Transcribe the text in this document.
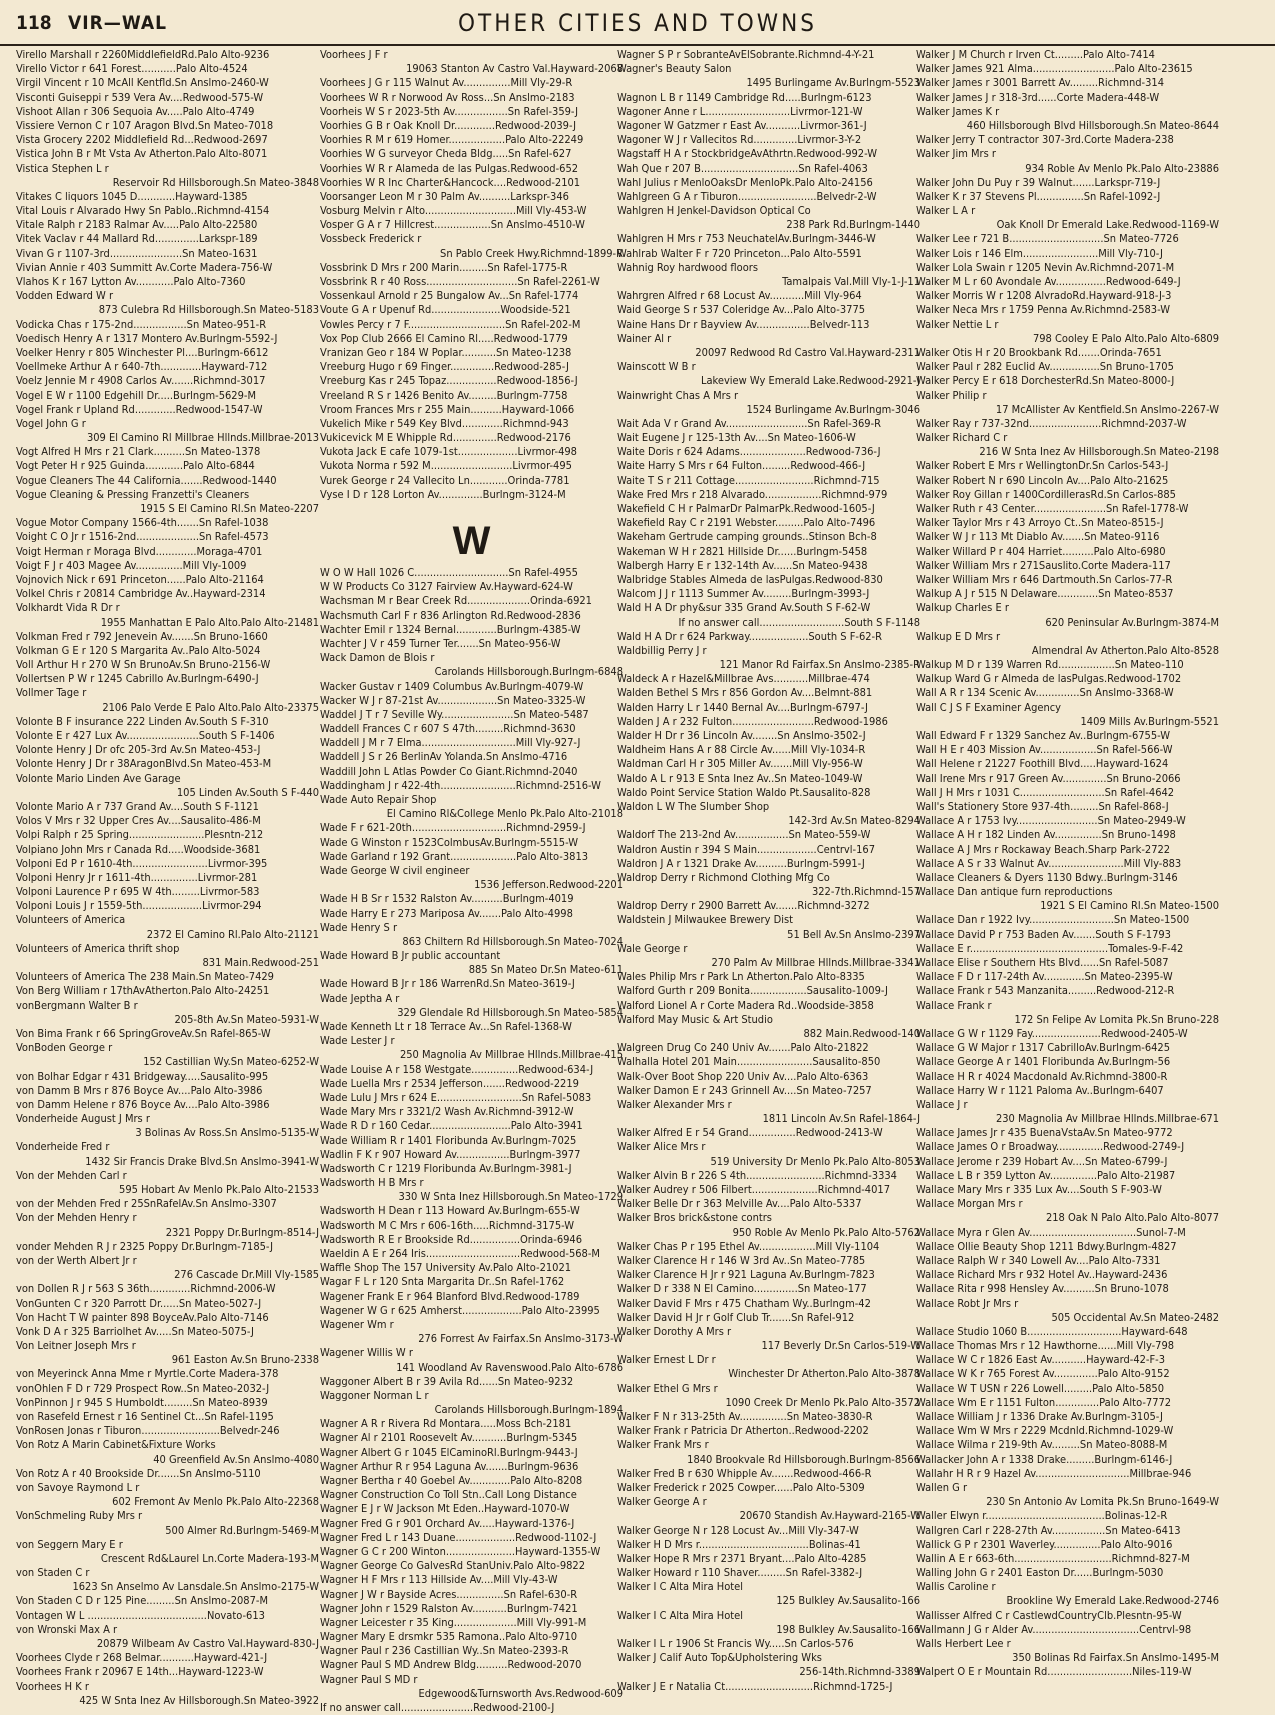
118 VIR—WAL	OTHER CITIES AND TOWNS
Virello Marshall r 2260MiddlefieldRd.Palo Alto-9236
Virello Victor r 641 Forest...........Palo Alto-4524
Virgil Vincent r 10 McAll Kentfld.Sn Anslmo-2460-W
Visconti Guiseppi r 539 Vera Av....Redwood-575-W
Vishoot Allan r 306 Sequoia Av.....Palo Alto-4749
Vissiere Vernon C r 107 Aragon Blvd.Sn Mateo-7018
Vista Grocery 2202 Middlefield Rd...Redwood-2697
Vistica John B r Mt Vsta Av Atherton.Palo Alto-8071
Vistica Stephen L r
Reservoir Rd Hillsborough.Sn Mateo-3848
Vitakes C liquors 1045 D............Hayward-1385
Vital Louis r Alvarado Hwy Sn Pablo..Richmnd-4154
Vitale Ralph r 2183 Ralmar Av.....Palo Alto-22580
Vitek Vaclav r 44 Mallard Rd..............Larkspr-189
Vivan G r 1107-3rd.......................Sn Mateo-1631
Vivian Annie r 403 Summitt Av.Corte Madera-756-W
Vlahos K r 167 Lytton Av............Palo Alto-7360
Vodden Edward W r
873 Culebra Rd Hillsborough.Sn Mateo-5183
Vodicka Chas r 175-2nd.................Sn Mateo-951-R
Voedisch Henry A r 1317 Montero Av.Burlngm-5592-J
Voelker Henry r 805 Winchester Pl....Burlngm-6612
Voellmeke Arthur A r 640-7th.............Hayward-712
Voelz Jennie M r 4908 Carlos Av.......Richmnd-3017
Vogel E W r 1100 Edgehill Dr.....Burlngm-5629-M
Vogel Frank r Upland Rd.............Redwood-1547-W
Vogel John G r
309 El Camino Rl Millbrae Hllnds.Millbrae-2013
Vogt Alfred H Mrs r 21 Clark..........Sn Mateo-1378
Vogt Peter H r 925 Guinda............Palo Alto-6844
Vogue Cleaners The 44 California.......Redwood-1440
Vogue Cleaning & Pressing Franzetti's Cleaners
1915 S El Camino Rl.Sn Mateo-2207
Vogue Motor Company 1566-4th.......Sn Rafel-1038
Voight C O Jr r 1516-2nd....................Sn Rafel-4573
Voigt Herman r Moraga Blvd.............Moraga-4701
Voigt F J r 403 Magee Av...............Mill Vly-1009
Vojnovich Nick r 691 Princeton......Palo Alto-21164
Volkel Chris r 20814 Cambridge Av..Hayward-2314
Volkhardt Vida R Dr r
1955 Manhattan E Palo Alto.Palo Alto-21481
Volkman Fred r 792 Jenevein Av.......Sn Bruno-1660
Volkman G E r 120 S Margarita Av..Palo Alto-5024
Voll Arthur H r 270 W Sn BrunoAv.Sn Bruno-2156-W
Vollertsen P W r 1245 Cabrillo Av.Burlngm-6490-J
Vollmer Tage r
2106 Palo Verde E Palo Alto.Palo Alto-23375
Volonte B F insurance 222 Linden Av.South S F-310
Volonte E r 427 Lux Av.......................South S F-1406
Volonte Henry J Dr ofc 205-3rd Av.Sn Mateo-453-J
Volonte Henry J Dr r 38AragonBlvd.Sn Mateo-453-M
Volonte Mario Linden Ave Garage
105 Linden Av.South S F-440
Volonte Mario A r 737 Grand Av....South S F-1121
Volos V Mrs r 32 Upper Cres Av....Sausalito-486-M
Volpi Ralph r 25 Spring........................Plesntn-212
Volpiano John Mrs r Canada Rd.....Woodside-3681
Volponi Ed P r 1610-4th........................Livrmor-395
Volponi Henry Jr r 1611-4th...............Livrmor-281
Volponi Laurence P r 695 W 4th.........Livrmor-583
Volponi Louis J r 1559-5th...................Livrmor-294
Volunteers of America
2372 El Camino Rl.Palo Alto-21121
Volunteers of America thrift shop
831 Main.Redwood-251
Volunteers of America The 238 Main.Sn Mateo-7429
Von Berg William r 17thAvAtherton.Palo Alto-24251
vonBergmann Walter B r
205-8th Av.Sn Mateo-5931-W
Von Bima Frank r 66 SpringGroveAv.Sn Rafel-865-W
VonBoden George r
152 Castillian Wy.Sn Mateo-6252-W
von Bolhar Edgar r 431 Bridgeway.....Sausalito-995
von Damm B Mrs r 876 Boyce Av....Palo Alto-3986
von Damm Helene r 876 Boyce Av....Palo Alto-3986
Vonderheide August J Mrs r
3 Bolinas Av Ross.Sn Anslmo-5135-W
Vonderheide Fred r
1432 Sir Francis Drake Blvd.Sn Anslmo-3941-W
Von der Mehden Carl r
595 Hobart Av Menlo Pk.Palo Alto-21533
von der Mehden Fred r 25SnRafelAv.Sn Anslmo-3307
Von der Mehden Henry r
2321 Poppy Dr.Burlngm-8514-J
vonder Mehden R J r 2325 Poppy Dr.Burlngm-7185-J
von der Werth Albert Jr r
276 Cascade Dr.Mill Vly-1585
von Dollen R J r 563 S 36th.............Richmnd-2006-W
VonGunten C r 320 Parrott Dr......Sn Mateo-5027-J
Von Hacht T W painter 898 BoyceAv.Palo Alto-7146
Vonk D A r 325 Barriolhet Av.....Sn Mateo-5075-J
Von Leitner Joseph Mrs r
961 Easton Av.Sn Bruno-2338
von Meyerinck Anna Mme r Myrtle.Corte Madera-378
vonOhlen F D r 729 Prospect Row..Sn Mateo-2032-J
VonPinnon J r 945 S Humboldt.........Sn Mateo-8939
von Rasefeld Ernest r 16 Sentinel Ct...Sn Rafel-1195
VonRosen Jonas r Tiburon.........................Belvedr-246
Von Rotz A Marin Cabinet&Fixture Works
40 Greenfield Av.Sn Anslmo-4080
Von Rotz A r 40 Brookside Dr.......Sn Anslmo-5110
von Savoye Raymond L r
602 Fremont Av Menlo Pk.Palo Alto-22368
VonSchmeling Ruby Mrs r
500 Almer Rd.Burlngm-5469-M
von Seggern Mary E r
Crescent Rd&Laurel Ln.Corte Madera-193-M
von Staden C r
1623 Sn Anselmo Av Lansdale.Sn Anslmo-2175-W
Von Staden C D r 125 Pine.........Sn Anslmo-2087-M
Vontagen W L ......................................Novato-613
von Wronski Max A r
20879 Wilbeam Av Castro Val.Hayward-830-J
Voorhees Clyde r 268 Belmar...........Hayward-421-J
Voorhees Frank r 20967 E 14th...Hayward-1223-W
Voorhees H K r
425 W Snta Inez Av Hillsborough.Sn Mateo-3922
Voorhees J F r
19063 Stanton Av Castro Val.Hayward-2068
Voorhees J G r 115 Walnut Av...............Mill Vly-29-R
Voorhees W R r Norwood Av Ross...Sn Anslmo-2183
Voorheis W S r 2023-5th Av.................Sn Rafel-359-J
Voorhies G B r Oak Knoll Dr.............Redwood-2039-J
Voorhies R M r 619 Homer..................Palo Alto-22249
Voorhies W G surveyor Cheda Bldg.....Sn Rafel-627
Voorhies W R r Alameda de las Pulgas.Redwood-652
Voorhies W R Inc Charter&Hancock....Redwood-2101
Voorsanger Leon M r 30 Palm Av..........Larkspr-346
Vosburg Melvin r Alto.............................Mill Vly-453-W
Vosper G A r 7 Hillcrest..................Sn Anslmo-4510-W
Vossbeck Frederick r
Sn Pablo Creek Hwy.Richmnd-1899-R
Vossbrink D Mrs r 200 Marin.........Sn Rafel-1775-R
Vossbrink R r 40 Ross.............................Sn Rafel-2261-W
Vossenkaul Arnold r 25 Bungalow Av...Sn Rafel-1774
Voute G A r Upenuf Rd......................Woodside-521
Vowles Percy r 7 F...............................Sn Rafel-202-M
Vox Pop Club 2666 El Camino Rl.....Redwood-1779
Vranizan Geo r 184 W Poplar...........Sn Mateo-1238
Vreeburg Hugo r 69 Finger..............Redwood-285-J
Vreeburg Kas r 245 Topaz................Redwood-1856-J
Vreeland R S r 1426 Benito Av.........Burlngm-7758
Vroom Frances Mrs r 255 Main..........Hayward-1066
Vukelich Mike r 549 Key Blvd.............Richmnd-943
Vukicevick M E Whipple Rd..............Redwood-2176
Vukota Jack E cafe 1079-1st...................Livrmor-498
Vukota Norma r 592 M..........................Livrmor-495
Vurek George r 24 Vallecito Ln............Orinda-7781
Vyse I D r 128 Lorton Av..............Burlngm-3124-M
W
W O W Hall 1026 C..............................Sn Rafel-4955
W W Products Co 3127 Fairview Av.Hayward-624-W
Wachsman M r Bear Creek Rd....................Orinda-6921
Wachsmuth Carl F r 836 Arlington Rd.Redwood-2836
Wachter Emil r 1324 Bernal.............Burlngm-4385-W
Wachter J V r 459 Turner Ter.......Sn Mateo-956-W
Wack Damon de Blois r
Carolands Hillsborough.Burlngm-6848
Wacker Gustav r 1409 Columbus Av.Burlngm-4079-W
Wacker W J r 87-21st Av...................Sn Mateo-3325-W
Waddel J T r 7 Seville Wy.......................Sn Mateo-5487
Waddell Frances C r 607 S 47th.........Richmnd-3630
Waddell J M r 7 Elma..............................Mill Vly-927-J
Waddell J S r 26 BerlinAv Yolanda.Sn Anslmo-4716
Waddill John L Atlas Powder Co Giant.Richmnd-2040
Waddingham J r 422-4th........................Richmnd-2516-W
Wade Auto Repair Shop
El Camino Rl&College Menlo Pk.Palo Alto-21018
Wade F r 621-20th..............................Richmnd-2959-J
Wade G Winston r 1523ColmbusAv.Burlngm-5515-W
Wade Garland r 192 Grant.....................Palo Alto-3813
Wade George W civil engineer
1536 Jefferson.Redwood-2201
Wade H B Sr r 1532 Ralston Av..........Burlngm-4019
Wade Harry E r 273 Mariposa Av.......Palo Alto-4998
Wade Henry S r
863 Chiltern Rd Hillsborough.Sn Mateo-7024
Wade Howard B Jr public accountant
885 Sn Mateo Dr.Sn Mateo-611
Wade Howard B Jr r 186 WarrenRd.Sn Mateo-3619-J
Wade Jeptha A r
329 Glendale Rd Hillsborough.Sn Mateo-5854
Wade Kenneth Lt r 18 Terrace Av...Sn Rafel-1368-W
Wade Lester J r
250 Magnolia Av Millbrae Hllnds.Millbrae-415
Wade Louise A r 158 Westgate...............Redwood-634-J
Wade Luella Mrs r 2534 Jefferson.......Redwood-2219
Wade Lulu J Mrs r 624 E...........................Sn Rafel-5083
Wade Mary Mrs r 3321/2 Wash Av.Richmnd-3912-W
Wade R D r 160 Cedar..........................Palo Alto-3941
Wade William R r 1401 Floribunda Av.Burlngm-7025
Wadlin F K r 907 Howard Av.................Burlngm-3977
Wadsworth C r 1219 Floribunda Av.Burlngm-3981-J
Wadsworth H B Mrs r
330 W Snta Inez Hillsborough.Sn Mateo-1729
Wadsworth H Dean r 113 Howard Av.Burlngm-655-W
Wadsworth M C Mrs r 606-16th.....Richmnd-3175-W
Wadsworth R E r Brookside Rd................Orinda-6946
Waeldin A E r 264 Iris..............................Redwood-568-M
Waffle Shop The 157 University Av.Palo Alto-21021
Wagar F L r 120 Snta Margarita Dr..Sn Rafel-1762
Wagener Frank E r 964 Blanford Blvd.Redwood-1789
Wagener W G r 625 Amherst...................Palo Alto-23995
Wagener Wm r
276 Forrest Av Fairfax.Sn Anslmo-3173-W
Wagener Willis W r
141 Woodland Av Ravenswood.Palo Alto-6786
Waggoner Albert B r 39 Avila Rd......Sn Mateo-9232
Waggoner Norman L r
Carolands Hillsborough.Burlngm-1894
Wagner A R r Rivera Rd Montara.....Moss Bch-2181
Wagner Al r 2101 Roosevelt Av...........Burlngm-5345
Wagner Albert G r 1045 ElCaminoRl.Burlngm-9443-J
Wagner Arthur R r 954 Laguna Av.......Burlngm-9636
Wagner Bertha r 40 Goebel Av.............Palo Alto-8208
Wagner Construction Co Toll Stn..Call Long Distance
Wagner E J r W Jackson Mt Eden..Hayward-1070-W
Wagner Fred G r 901 Orchard Av.....Hayward-1376-J
Wagner Fred L r 143 Duane...................Redwood-1102-J
Wagner G C r 200 Winton......................Hayward-1355-W
Wagner George Co GalvesRd StanUniv.Palo Alto-9822
Wagner H F Mrs r 113 Hillside Av....Mill Vly-43-W
Wagner J W r Bayside Acres...............Sn Rafel-630-R
Wagner John r 1529 Ralston Av...........Burlngm-7421
Wagner Leicester r 35 King....................Mill Vly-991-M
Wagner Mary E drsmkr 535 Ramona..Palo Alto-9710
Wagner Paul r 236 Castillian Wy..Sn Mateo-2393-R
Wagner Paul S MD Andrew Bldg..........Redwood-2070
Wagner Paul S MD r
Edgewood&Turnsworth Avs.Redwood-609
If no answer call.......................Redwood-2100-J
Wagner S P r SobranteAvElSobrante.Richmnd-4-Y-21
Wagner's Beauty Salon
1495 Burlingame Av.Burlngm-5523
Wagnon L B r 1149 Cambridge Rd.....Burlngm-6123
Wagoner Anne r L...........................Livrmor-121-W
Wagoner W Gatzmer r East Av...........Livrmor-361-J
Wagoner W J r Vallecitos Rd..............Livrmor-3-Y-2
Wagstaff H A r StockbridgeAvAthrtn.Redwood-992-W
Wah Que r 207 B...............................Sn Rafel-4063
Wahl Julius r MenloOaksDr MenloPk.Palo Alto-24156
Wahlgreen G A r Tiburon.........................Belvedr-2-W
Wahlgren H Jenkel-Davidson Optical Co
238 Park Rd.Burlngm-1440
Wahlgren H Mrs r 753 NeuchatelAv.Burlngm-3446-W
Wahlrab Walter F r 720 Princeton...Palo Alto-5591
Wahnig Roy hardwood floors
Tamalpais Val.Mill Vly-1-J-11
Wahrgren Alfred r 68 Locust Av...........Mill Vly-964
Waid George S r 537 Coleridge Av...Palo Alto-3775
Waine Hans Dr r Bayview Av.................Belvedr-113
Wainer Al r
20097 Redwood Rd Castro Val.Hayward-2311
Wainscott W B r
Lakeview Wy Emerald Lake.Redwood-2921-J
Wainwright Chas A Mrs r
1524 Burlingame Av.Burlngm-3046
Wait Ada V r Grand Av..........................Sn Rafel-369-R
Wait Eugene J r 125-13th Av....Sn Mateo-1606-W
Waite Doris r 624 Adams.....................Redwood-736-J
Waite Harry S Mrs r 64 Fulton.........Redwood-466-J
Waite T S r 211 Cottage.........................Richmnd-715
Wake Fred Mrs r 218 Alvarado..................Richmnd-979
Wakefield C H r PalmarDr PalmarPk.Redwood-1605-J
Wakefield Ray C r 2191 Webster.........Palo Alto-7496
Wakeham Gertrude camping grounds..Stinson Bch-8
Wakeman W H r 2821 Hillside Dr......Burlngm-5458
Walbergh Harry E r 132-14th Av......Sn Mateo-9438
Walbridge Stables Almeda de lasPulgas.Redwood-830
Walcom J J r 1113 Summer Av.........Burlngm-3993-J
Wald H A Dr phy&sur 335 Grand Av.South S F-62-W
If no answer call...........................South S F-1148
Wald H A Dr r 624 Parkway...................South S F-62-R
Waldbillig Perry J r
121 Manor Rd Fairfax.Sn Anslmo-2385-R
Waldeck A r Hazel&Millbrae Avs...........Millbrae-474
Walden Bethel S Mrs r 856 Gordon Av....Belmnt-881
Walden Harry L r 1440 Bernal Av....Burlngm-6797-J
Walden J A r 232 Fulton..........................Redwood-1986
Walder H Dr r 36 Lincoln Av........Sn Anslmo-3502-J
Waldheim Hans A r 88 Circle Av......Mill Vly-1034-R
Waldman Carl H r 305 Miller Av.......Mill Vly-956-W
Waldo A L r 913 E Snta Inez Av..Sn Mateo-1049-W
Waldo Point Service Station Waldo Pt.Sausalito-828
Waldon L W The Slumber Shop
142-3rd Av.Sn Mateo-8294
Waldorf The 213-2nd Av.................Sn Mateo-559-W
Waldron Austin r 394 S Main...................Centrvl-167
Waldron J A r 1321 Drake Av..........Burlngm-5991-J
Waldrop Derry r Richmond Clothing Mfg Co
322-7th.Richmnd-157
Waldrop Derry r 2900 Barrett Av.......Richmnd-3272
Waldstein J Milwaukee Brewery Dist
51 Bell Av.Sn Anslmo-2397
Wale George r
270 Palm Av Millbrae Hllnds.Millbrae-3341
Wales Philip Mrs r Park Ln Atherton.Palo Alto-8335
Walford Gurth r 209 Bonita..................Sausalito-1009-J
Walford Lionel A r Corte Madera Rd..Woodside-3858
Walford May Music & Art Studio
882 Main.Redwood-140
Walgreen Drug Co 240 Univ Av.......Palo Alto-21822
Walhalla Hotel 201 Main........................Sausalito-850
Walk-Over Boot Shop 220 Univ Av....Palo Alto-6363
Walker Damon E r 243 Grinnell Av....Sn Mateo-7257
Walker Alexander Mrs r
1811 Lincoln Av.Sn Rafel-1864-J
Walker Alfred E r 54 Grand...............Redwood-2413-W
Walker Alice Mrs r
519 University Dr Menlo Pk.Palo Alto-8053
Walker Alvin B r 226 S 4th.........................Richmnd-3334
Walker Audrey r 506 Filbert.....................Richmnd-4017
Walker Belle Dr r 363 Melville Av....Palo Alto-5337
Walker Bros brick&stone contrs
950 Roble Av Menlo Pk.Palo Alto-5762
Walker Chas P r 195 Ethel Av..................Mill Vly-1104
Walker Clarence H r 146 W 3rd Av..Sn Mateo-7785
Walker Clarence H Jr r 921 Laguna Av.Burlngm-7823
Walker D r 338 N El Camino..............Sn Mateo-177
Walker David F Mrs r 475 Chatham Wy..Burlngm-42
Walker David H Jr r Golf Club Tr.......Sn Rafel-912
Walker Dorothy A Mrs r
117 Beverly Dr.Sn Carlos-519-W
Walker Ernest L Dr r
Winchester Dr Atherton.Palo Alto-3878
Walker Ethel G Mrs r
1090 Creek Dr Menlo Pk.Palo Alto-3572
Walker F N r 313-25th Av...............Sn Mateo-3830-R
Walker Frank r Patricia Dr Atherton..Redwood-2202
Walker Frank Mrs r
1840 Brookvale Rd Hillsborough.Burlngm-8566
Walker Fred B r 630 Whipple Av.......Redwood-466-R
Walker Frederick r 2025 Cowper......Palo Alto-5309
Walker George A r
20670 Standish Av.Hayward-2165-W
Walker George N r 128 Locust Av...Mill Vly-347-W
Walker H D Mrs r...................................Bolinas-41
Walker Hope R Mrs r 2371 Bryant....Palo Alto-4285
Walker Howard r 110 Shaver.........Sn Rafel-3382-J
Walker I C Alta Mira Hotel
125 Bulkley Av.Sausalito-166
Walker I C Alta Mira Hotel
198 Bulkley Av.Sausalito-166
Walker I L r 1906 St Francis Wy.....Sn Carlos-576
Walker J Calif Auto Top&Upholstering Wks
256-14th.Richmnd-3389
Walker J E r Natalia Ct............................Richmnd-1725-J
Walker J M Church r Irven Ct.........Palo Alto-7414
Walker James 921 Alma..........................Palo Alto-23615
Walker James r 3001 Barrett Av.........Richmnd-314
Walker James J r 318-3rd......Corte Madera-448-W
Walker James K r
460 Hillsborough Blvd Hillsborough.Sn Mateo-8644
Walker Jerry T contractor 307-3rd.Corte Madera-238
Walker Jim Mrs r
934 Roble Av Menlo Pk.Palo Alto-23886
Walker John Du Puy r 39 Walnut.......Larkspr-719-J
Walker K r 37 Stevens Pl...............Sn Rafel-1092-J
Walker L A r
Oak Knoll Dr Emerald Lake.Redwood-1169-W
Walker Lee r 721 B..............................Sn Mateo-7726
Walker Lois r 146 Elm........................Mill Vly-710-J
Walker Lola Swain r 1205 Nevin Av.Richmnd-2071-M
Walker M L r 60 Avondale Av................Redwood-649-J
Walker Morris W r 1208 AlvradoRd.Hayward-918-J-3
Walker Neca Mrs r 1759 Penna Av.Richmnd-2583-W
Walker Nettie L r
798 Cooley E Palo Alto.Palo Alto-6809
Walker Otis H r 20 Brookbank Rd.......Orinda-7651
Walker Paul r 282 Euclid Av................Sn Bruno-1705
Walker Percy E r 618 DorchesterRd.Sn Mateo-8000-J
Walker Philip r
17 McAllister Av Kentfield.Sn Anslmo-2267-W
Walker Ray r 737-32nd.......................Richmnd-2037-W
Walker Richard C r
216 W Snta Inez Av Hillsborough.Sn Mateo-2198
Walker Robert E Mrs r WellingtonDr.Sn Carlos-543-J
Walker Robert N r 690 Lincoln Av....Palo Alto-21625
Walker Roy Gillan r 1400CordillerasRd.Sn Carlos-885
Walker Ruth r 43 Center.......................Sn Rafel-1778-W
Walker Taylor Mrs r 43 Arroyo Ct..Sn Mateo-8515-J
Walker W J r 113 Mt Diablo Av.......Sn Mateo-9116
Walker Willard P r 404 Harriet..........Palo Alto-6980
Walker William Mrs r 271Sauslito.Corte Madera-117
Walker William Mrs r 646 Dartmouth.Sn Carlos-77-R
Walkup A J r 515 N Delaware.............Sn Mateo-8537
Walkup Charles E r
620 Peninsular Av.Burlngm-3874-M
Walkup E D Mrs r
Almendral Av Atherton.Palo Alto-8528
Walkup M D r 139 Warren Rd..................Sn Mateo-110
Walkup Ward G r Almeda de lasPulgas.Redwood-1702
Wall A R r 134 Scenic Av..............Sn Anslmo-3368-W
Wall C J S F Examiner Agency
1409 Mills Av.Burlngm-5521
Wall Edward F r 1329 Sanchez Av..Burlngm-6755-W
Wall H E r 403 Mission Av..................Sn Rafel-566-W
Wall Helene r 21227 Foothill Blvd.....Hayward-1624
Wall Irene Mrs r 917 Green Av..............Sn Bruno-2066
Wall J H Mrs r 1031 C...........................Sn Rafel-4642
Wall's Stationery Store 937-4th.........Sn Rafel-868-J
Wallace A r 1753 Ivy..........................Sn Mateo-2949-W
Wallace A H r 182 Linden Av...............Sn Bruno-1498
Wallace A J Mrs r Rockaway Beach.Sharp Park-2722
Wallace A S r 33 Walnut Av........................Mill Vly-883
Wallace Cleaners & Dyers 1130 Bdwy..Burlngm-3146
Wallace Dan antique furn reproductions
1921 S El Camino Rl.Sn Mateo-1500
Wallace Dan r 1922 Ivy...........................Sn Mateo-1500
Wallace David P r 753 Baden Av.......South S F-1793
Wallace E r............................................Tomales-9-F-42
Wallace Elise r Southern Hts Blvd......Sn Rafel-5087
Wallace F D r 117-24th Av.............Sn Mateo-2395-W
Wallace Frank r 543 Manzanita.........Redwood-212-R
Wallace Frank r
172 Sn Felipe Av Lomita Pk.Sn Bruno-228
Wallace G W r 1129 Fay......................Redwood-2405-W
Wallace G W Major r 1317 CabrilloAv.Burlngm-6425
Wallace George A r 1401 Floribunda Av.Burlngm-56
Wallace H R r 4024 Macdonald Av.Richmnd-3800-R
Wallace Harry W r 1121 Paloma Av..Burlngm-6407
Wallace J r
230 Magnolia Av Millbrae Hllnds.Millbrae-671
Wallace James Jr r 435 BuenaVstaAv.Sn Mateo-9772
Wallace James O r Broadway...............Redwood-2749-J
Wallace Jerome r 239 Hobart Av....Sn Mateo-6799-J
Wallace L B r 359 Lytton Av...............Palo Alto-21987
Wallace Mary Mrs r 335 Lux Av....South S F-903-W
Wallace Morgan Mrs r
218 Oak N Palo Alto.Palo Alto-8077
Wallace Myra r Glen Av..................................Sunol-7-M
Wallace Ollie Beauty Shop 1211 Bdwy.Burlngm-4827
Wallace Ralph W r 340 Lowell Av....Palo Alto-7331
Wallace Richard Mrs r 932 Hotel Av..Hayward-2436
Wallace Rita r 998 Hensley Av..........Sn Bruno-1078
Wallace Robt Jr Mrs r
505 Occidental Av.Sn Mateo-2482
Wallace Studio 1060 B..............................Hayward-648
Wallace Thomas Mrs r 12 Hawthorne......Mill Vly-798
Wallace W C r 1826 East Av...........Hayward-42-F-3
Wallace W K r 765 Forest Av..............Palo Alto-9152
Wallace W T USN r 226 Lowell.........Palo Alto-5850
Wallace Wm E r 1151 Fulton..............Palo Alto-7772
Wallace William J r 1336 Drake Av.Burlngm-3105-J
Wallace Wm W Mrs r 2229 Mcdnld.Richmnd-1029-W
Wallace Wilma r 219-9th Av.........Sn Mateo-8088-M
Wallacker John A r 1338 Drake.........Burlngm-6146-J
Wallahr H R r 9 Hazel Av..............................Millbrae-946
Wallen G r
230 Sn Antonio Av Lomita Pk.Sn Bruno-1649-W
Waller Elwyn r......................................Bolinas-12-R
Wallgren Carl r 228-27th Av.................Sn Mateo-6413
Wallick G P r 2301 Waverley...............Palo Alto-9016
Wallin A E r 663-6th...............................Richmnd-827-M
Walling John G r 2401 Easton Dr......Burlngm-5030
Wallis Caroline r
Brookline Wy Emerald Lake.Redwood-2746
Wallisser Alfred C r CastlewdCountryClb.Plesntn-95-W
Wallmann J G r Alder Av..................................Centrvl-98
Walls Herbert Lee r
350 Bolinas Rd Fairfax.Sn Anslmo-1495-M
Walpert O E r Mountain Rd...........................Niles-119-W
